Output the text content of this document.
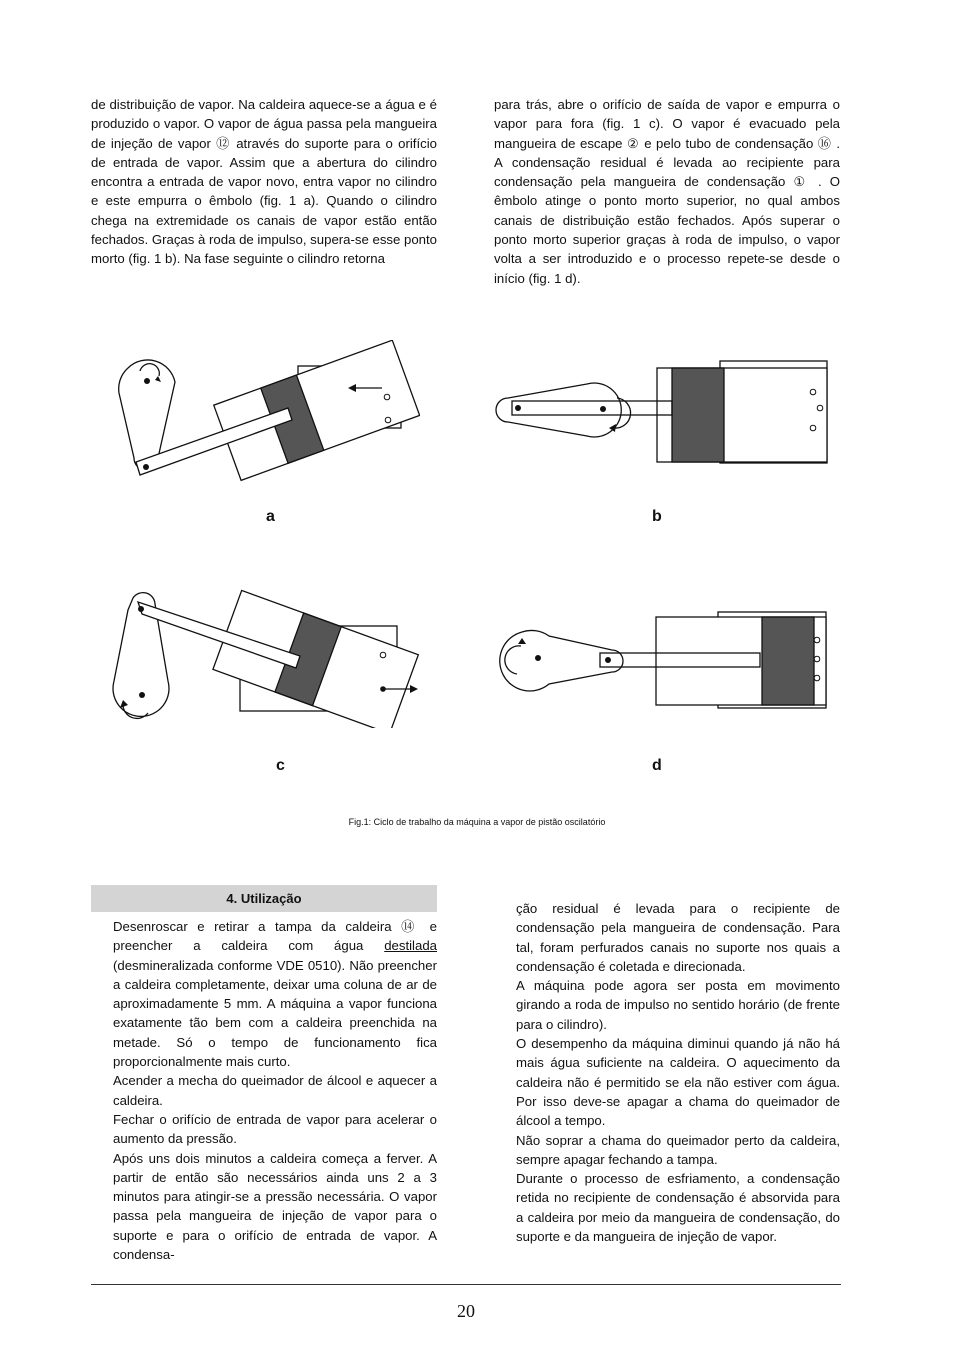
de distribuição de vapor. Na caldeira aquece-se a água e é produzido o vapor. O vapor de água passa pela mangueira de injeção de vapor ⑫ através do suporte para o orifício de entrada de vapor. Assim que a abertura do cilindro encontra a entrada de vapor novo, entra vapor no cilindro e este empurra o êmbolo (fig. 1 a). Quando o cilindro chega na extremidade os canais de vapor estão então fechados. Graças à roda de impulso, supera-se esse ponto morto (fig. 1 b). Na fase seguinte o cilindro retorna

para trás, abre o orifício de saída de vapor e empurra o vapor para fora (fig. 1 c). O vapor é evacuado pela mangueira de escape ② e pelo tubo de condensação ⑯ . A condensação residual é levada ao recipiente para condensação pela mangueira de condensação ① . O êmbolo atinge o ponto morto superior, no qual ambos canais de distribuição estão fechados. Após superar o ponto morto superior graças à roda de impulso, o vapor volta a ser introduzido e o processo repete-se desde o início (fig. 1 d).

a	b
c	d
Fig.1: Ciclo de trabalho da máquina a vapor de pistão oscilatório
4. Utilização

Desenroscar e retirar a tampa da caldeira ⑭ e preencher a caldeira com água destilada (desmineralizada conforme VDE 0510). Não preencher a caldeira completamente, deixar uma coluna de ar de aproximadamente 5 mm. A máquina a vapor funciona exatamente tão bem com a caldeira preenchida na metade. Só o tempo de funcionamento fica proporcionalmente mais curto.

Acender a mecha do queimador de álcool e aquecer a caldeira.

Fechar o orifício de entrada de vapor para acelerar o aumento da pressão.

Após uns dois minutos a caldeira começa a ferver. A partir de então são necessários ainda uns 2 a 3 minutos para atingir-se a pressão necessária. O vapor passa pela mangueira de injeção de vapor para o suporte e para o orifício de entrada de vapor. A condensa-

ção residual é levada para o recipiente de condensação pela mangueira de condensação. Para tal, foram perfurados canais no suporte nos quais a condensação é coletada e direcionada.

A máquina pode agora ser posta em movimento girando a roda de impulso no sentido horário (de frente para o cilindro).

O desempenho da máquina diminui quando já não há mais água suficiente na caldeira. O aquecimento da caldeira não é permitido se ela não estiver com água. Por isso deve-se apagar a chama do queimador de álcool a tempo.

Não soprar a chama do queimador perto da caldeira, sempre apagar fechando a tampa.

Durante o processo de esfriamento, a condensação retida no recipiente de condensação é absorvida para a caldeira por meio da mangueira de condensação, do suporte e da mangueira de injeção de vapor.

20
